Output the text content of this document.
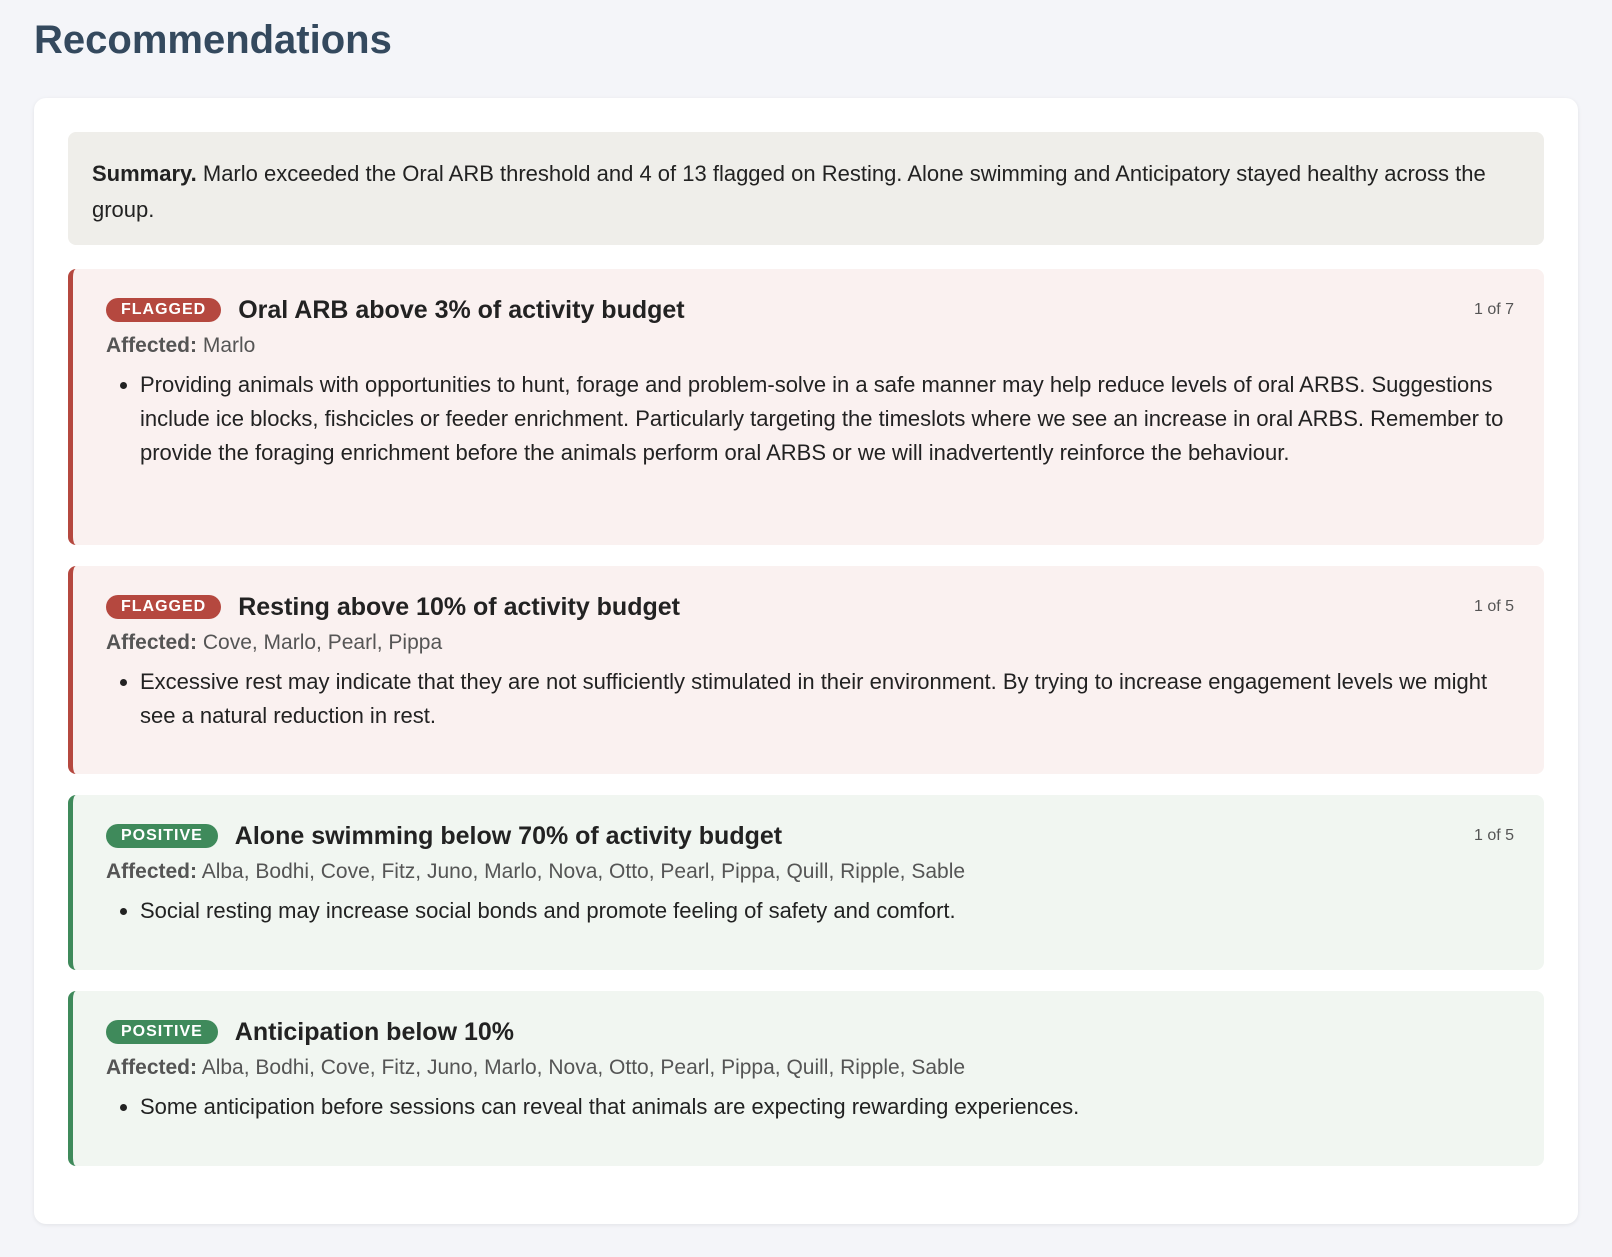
Recommendations
Summary. Marlo exceeded the Oral ARB threshold and 4 of 13 flagged on Resting. Alone swimming and Anticipatory stayed healthy across the group.
FLAGGED	Oral ARB above 3% of activity budget	1 of 7
Affected: Marlo
• Providing animals with opportunities to hunt, forage and problem-solve in a safe manner may help reduce levels of oral ARBS. Suggestions include ice blocks, fishcicles or feeder enrichment. Particularly targeting the timeslots where we see an increase in oral ARBS. Remember to provide the foraging enrichment before the animals perform oral ARBS or we will inadvertently reinforce the behaviour.
FLAGGED	Resting above 10% of activity budget	1 of 5
Affected: Cove, Marlo, Pearl, Pippa
• Excessive rest may indicate that they are not sufficiently stimulated in their environment. By trying to increase engagement levels we might see a natural reduction in rest.
POSITIVE	Alone swimming below 70% of activity budget	1 of 5
Affected: Alba, Bodhi, Cove, Fitz, Juno, Marlo, Nova, Otto, Pearl, Pippa, Quill, Ripple, Sable
• Social resting may increase social bonds and promote feeling of safety and comfort.
POSITIVE	Anticipation below 10%
Affected: Alba, Bodhi, Cove, Fitz, Juno, Marlo, Nova, Otto, Pearl, Pippa, Quill, Ripple, Sable
• Some anticipation before sessions can reveal that animals are expecting rewarding experiences.
